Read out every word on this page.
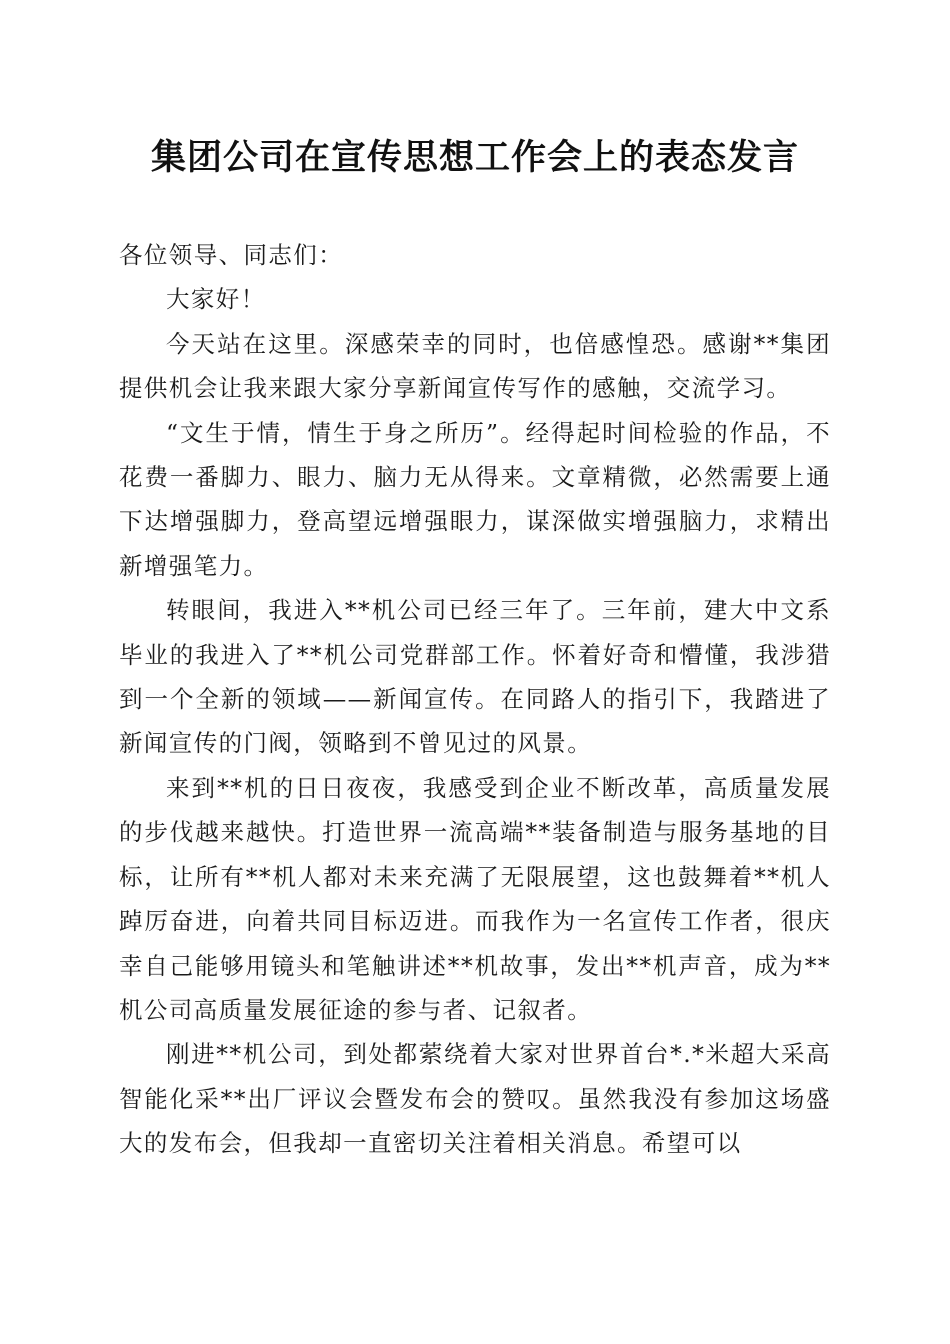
集团公司在宣传思想工作会上的表态发言

各位领导、同志们：

大家好！

今天站在这里。深感荣幸的同时，也倍感惶恐。感谢**集团提供机会让我来跟大家分享新闻宣传写作的感触，交流学习。

“文生于情，情生于身之所历”。经得起时间检验的作品，不花费一番脚力、眼力、脑力无从得来。文章精微，必然需要上通下达增强脚力，登高望远增强眼力，谋深做实增强脑力，求精出新增强笔力。

转眼间，我进入**机公司已经三年了。三年前，建大中文系毕业的我进入了**机公司党群部工作。怀着好奇和懵懂，我涉猎到一个全新的领域——新闻宣传。在同路人的指引下，我踏进了新闻宣传的门阀，领略到不曾见过的风景。

来到**机的日日夜夜，我感受到企业不断改革，高质量发展的步伐越来越快。打造世界一流高端**装备制造与服务基地的目标，让所有**机人都对未来充满了无限展望，这也鼓舞着**机人踔厉奋进，向着共同目标迈进。而我作为一名宣传工作者，很庆幸自己能够用镜头和笔触讲述**机故事，发出**机声音，成为**机公司高质量发展征途的参与者、记叙者。

刚进**机公司，到处都萦绕着大家对世界首台*.*米超大采高智能化采**出厂评议会暨发布会的赞叹。虽然我没有参加这场盛大的发布会，但我却一直密切关注着相关消息。希望可以
